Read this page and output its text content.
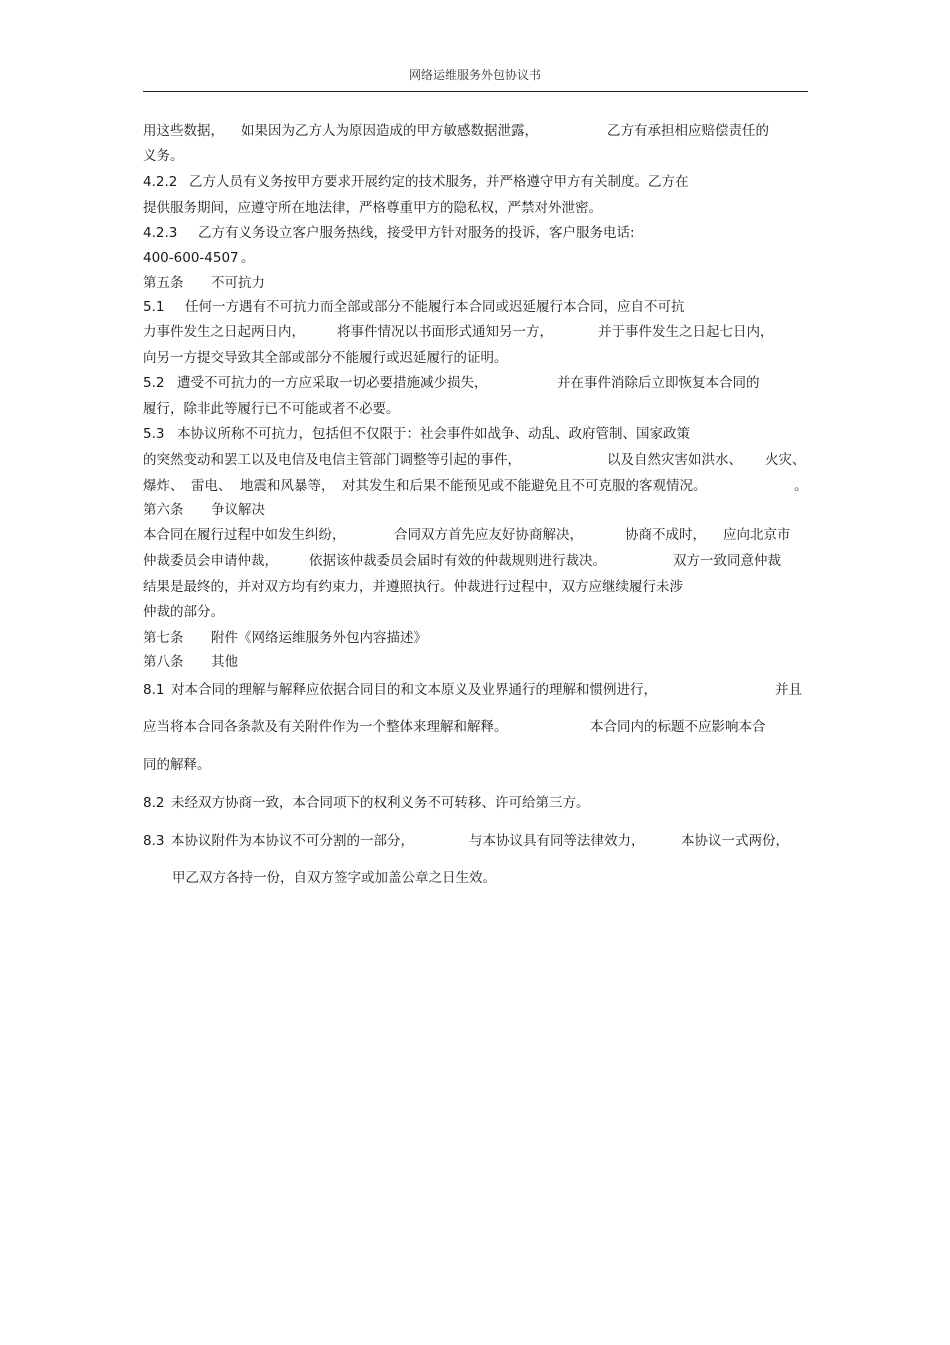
网络运维服务外包协议书
用这些数据， 如果因为乙方人为原因造成的甲方敏感数据泄露，	乙方有承担相应赔偿责任的
义务。
4.2.2 乙方人员有义务按甲方要求开展约定的技术服务，并严格遵守甲方有关制度。乙方在
提供服务期间，应遵守所在地法律，严格尊重甲方的隐私权，严禁对外泄密。
4.2.3 乙方有义务设立客户服务热线，接受甲方针对服务的投诉，客户服务电话:
400-600-4507 。
第五条 不可抗力
5.1 任何一方遇有不可抗力而全部或部分不能履行本合同或迟延履行本合同，应自不可抗
力事件发生之日起两日内， 将事件情况以书面形式通知另一方，	并于事件发生之日起七日内，
向另一方提交导致其全部或部分不能履行或迟延履行的证明。
5.2 遭受不可抗力的一方应采取一切必要措施减少损失，	并在事件消除后立即恢复本合同的
履行，除非此等履行已不可能或者不必要。
5.3 本协议所称不可抗力，包括但不仅限于：社会事件如战争、动乱、政府管制、国家政策
的突然变动和罢工以及电信及电信主管部门调整等引起的事件，	以及自然灾害如洪水、 火灾、
爆炸、 雷电、 地震和风暴等， 对其发生和后果不能预见或不能避免且不可克服的客观情况。	。
第六条 争议解决
本合同在履行过程中如发生纠纷，	合同双方首先应友好协商解决，	协商不成时， 应向北京市
仲裁委员会申请仲裁， 依据该仲裁委员会届时有效的仲裁规则进行裁决。	双方一致同意仲裁
结果是最终的，并对双方均有约束力，并遵照执行。仲裁进行过程中，双方应继续履行未涉
仲裁的部分。
第七条 附件《网络运维服务外包内容描述》
第八条 其他
8.1 对本合同的理解与解释应依据合同目的和文本原义及业界通行的理解和惯例进行，	并且
应当将本合同各条款及有关附件作为一个整体来理解和解释。	本合同内的标题不应影响本合
同的解释。
8.2 未经双方协商一致，本合同项下的权利义务不可转移、许可给第三方。
8.3 本协议附件为本协议不可分割的一部分，	与本协议具有同等法律效力，	本协议一式两份，
甲乙双方各持一份，自双方签字或加盖公章之日生效。
